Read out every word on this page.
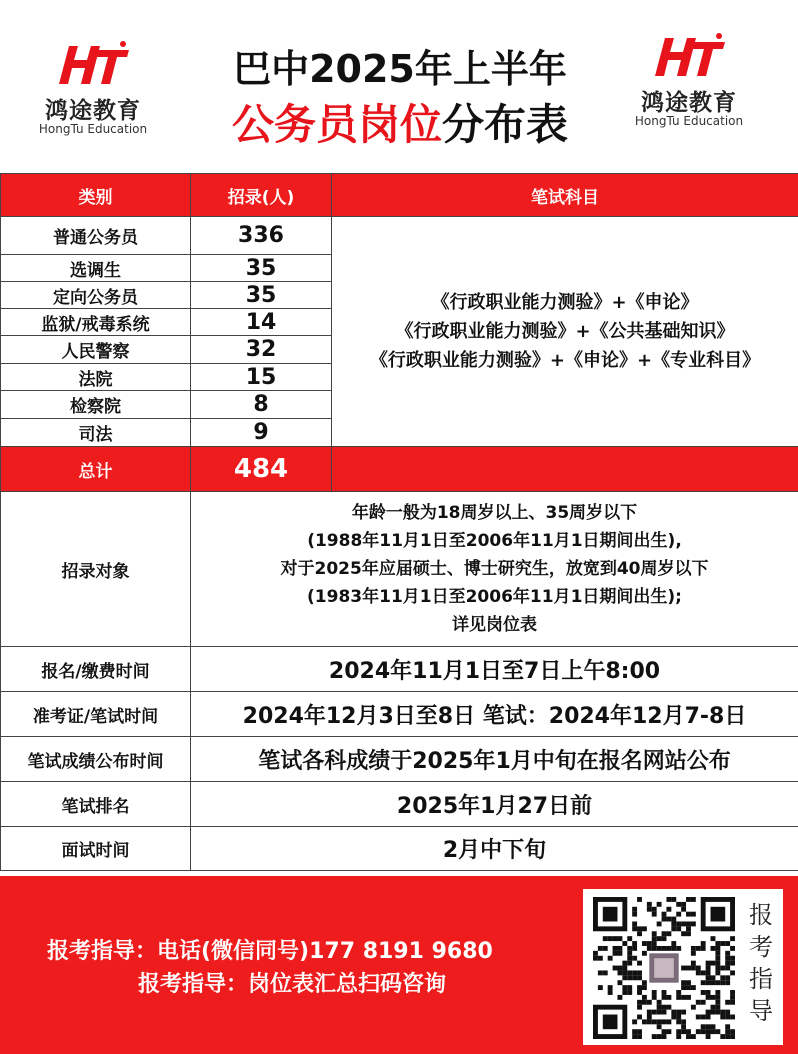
鸿途教育
HongTu Education
鸿途教育
HongTu Education
巴中2025年上半年
公务员岗位分布表
类别	招录(人)	笔试科目
普通公务员	336	《行政职业能力测验》+《申论》
《行政职业能力测验》+《公共基础知识》
《行政职业能力测验》+《申论》+《专业科目》

选调生	35	
定向公务员	35	
监狱/戒毒系统	14	
人民警察	32	
法院	15	
检察院	8	
司法	9	
总计	484	
招录对象	年龄一般为18周岁以上、35周岁以下
(1988年11月1日至2006年11月1日期间出生),
对于2025年应届硕士、博士研究生，放宽到40周岁以下
(1983年11月1日至2006年11月1日期间出生);
详见岗位表	

报名/缴费时间	2024年11月1日至7日上午8:00	
准考证/笔试时间	2024年12月3日至8日 笔试：2024年12月7-8日	
笔试成绩公布时间	笔试各科成绩于2025年1月中旬在报名网站公布	
笔试排名	2025年1月27日前	
面试时间	2月中下旬	
报考指导：电话(微信同号)177 8191 9680
报考指导：岗位表汇总扫码咨询
报
考
指
导
